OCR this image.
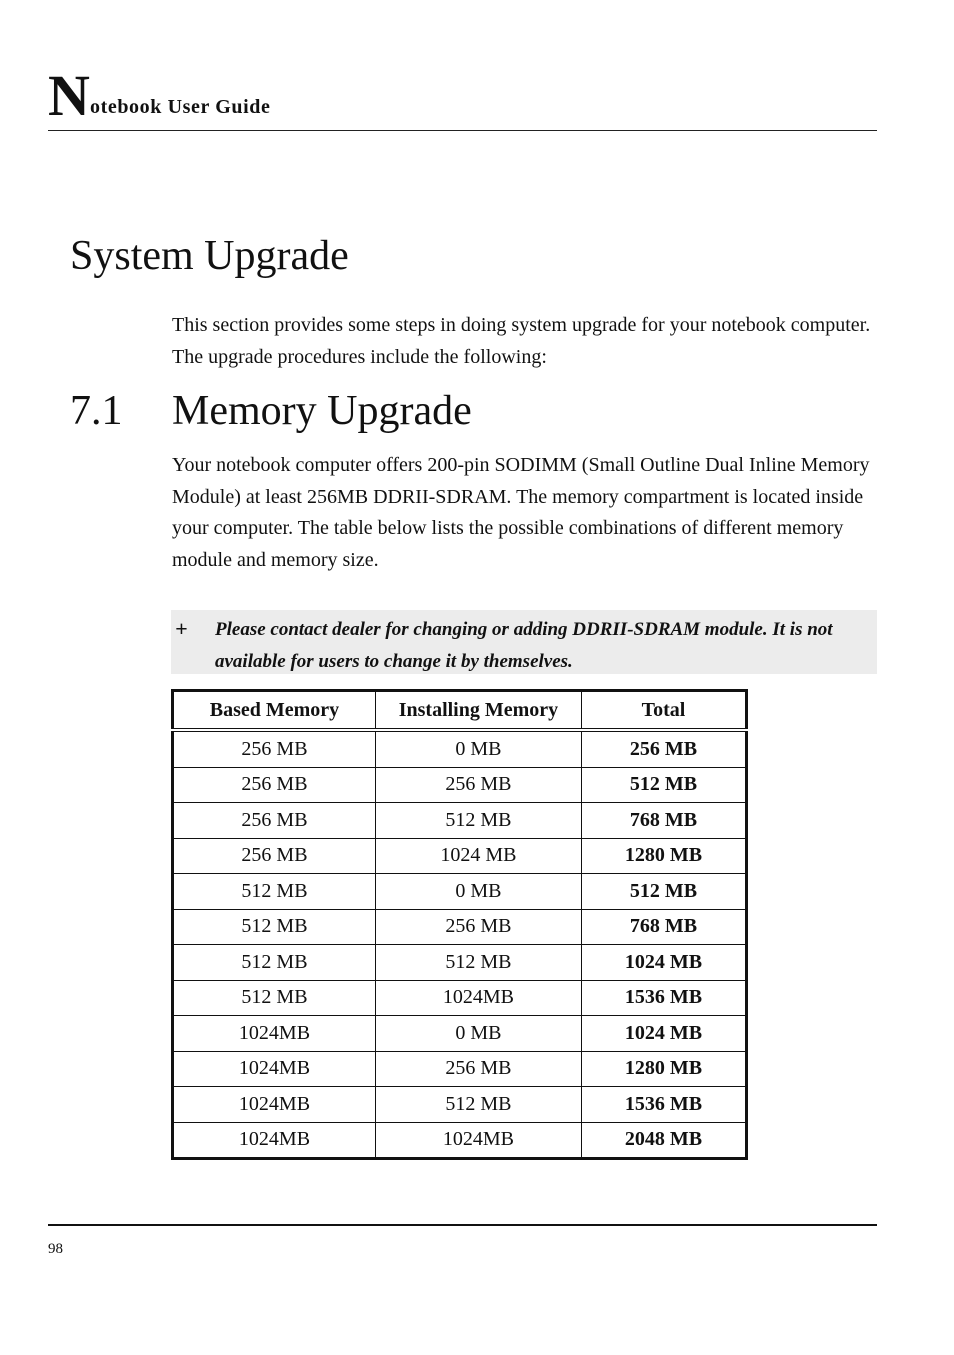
N otebook User Guide
System Upgrade

This section provides some steps in doing system upgrade for your notebook computer. The upgrade procedures include the following:

7.1 Memory Upgrade

Your notebook computer offers 200-pin SODIMM (Small Outline Dual Inline Memory Module) at least 256MB DDRII-SDRAM. The memory compartment is located inside your computer. The table below lists the possible combinations of different memory module and memory size.

+ Please contact dealer for changing or adding DDRII-SDRAM module. It is not available for users to change it by themselves.
Based Memory	Installing Memory	Total
256 MB	0 MB	256 MB
256 MB	256 MB	512 MB
256 MB	512 MB	768 MB
256 MB	1024 MB	1280 MB
512 MB	0 MB	512 MB
512 MB	256 MB	768 MB
512 MB	512 MB	1024 MB
512 MB	1024MB	1536 MB
1024MB	0 MB	1024 MB
1024MB	256 MB	1280 MB
1024MB	512 MB	1536 MB
1024MB	1024MB	2048 MB
98
